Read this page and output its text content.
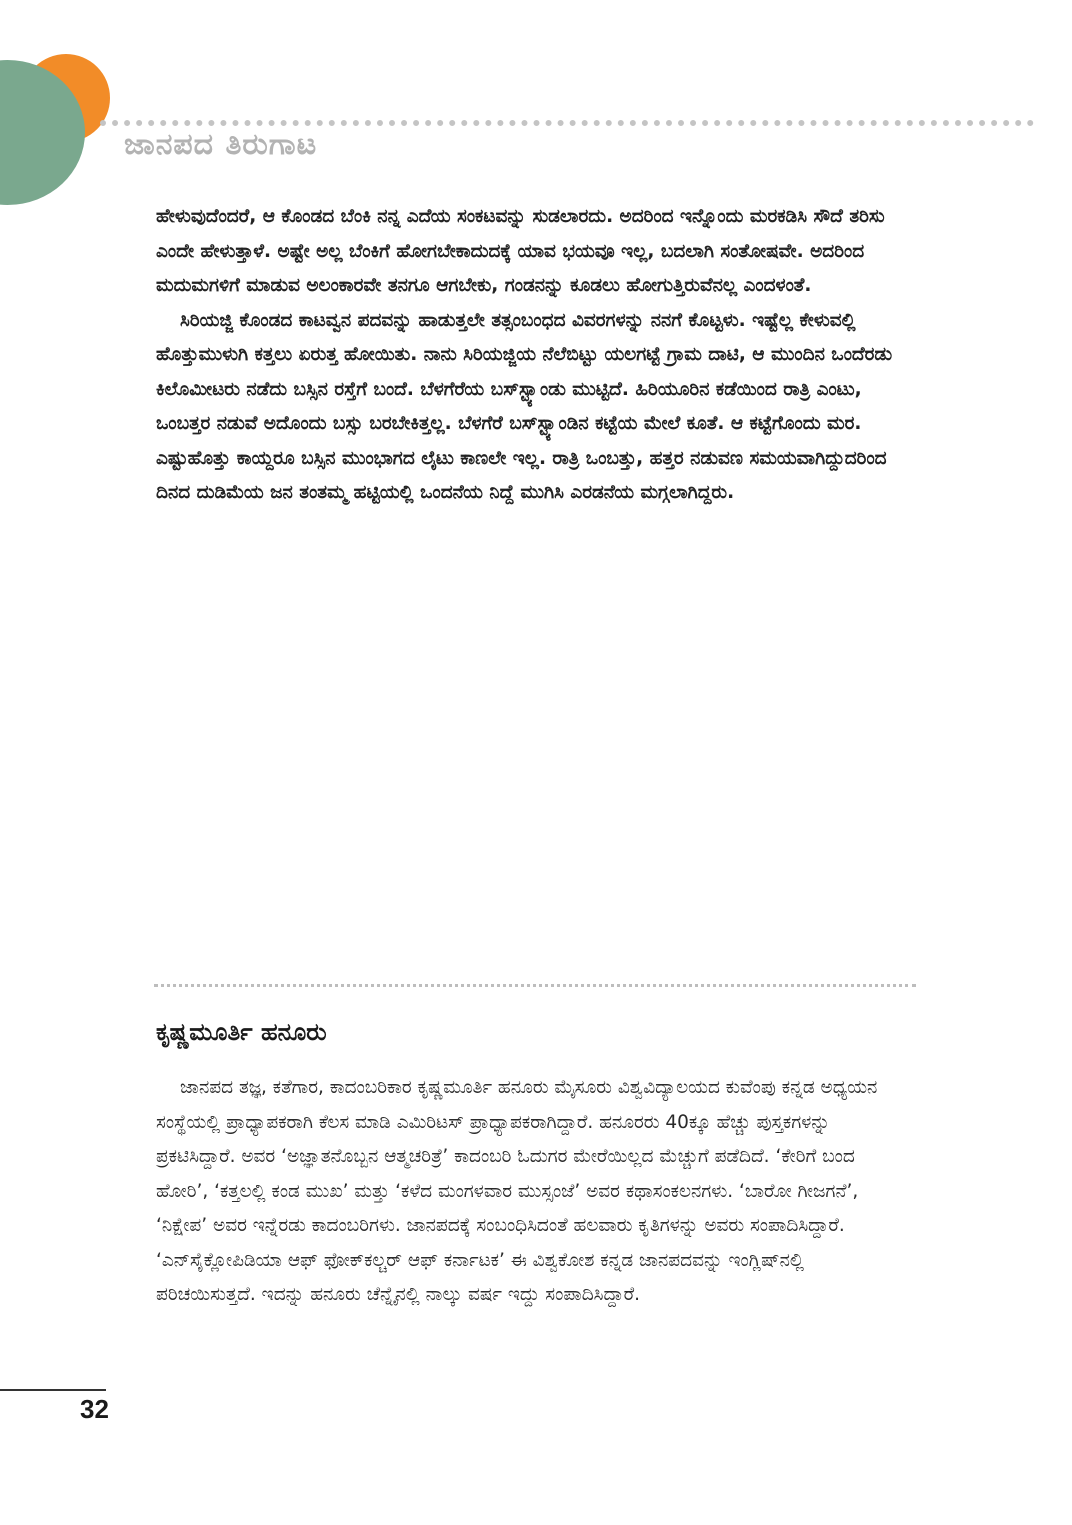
ಜಾನಪದ ತಿರುಗಾಟ

ಹೇಳುವುದೆಂದರೆ, ಆ ಕೊಂಡದ ಬೆಂಕಿ ನನ್ನ ಎದೆಯ ಸಂಕಟವನ್ನು ಸುಡಲಾರದು. ಅದರಿಂದ ಇನ್ನೊಂದು ಮರಕಡಿಸಿ ಸೌದೆ ತರಿಸು ಎಂದೇ ಹೇಳುತ್ತಾಳೆ. ಅಷ್ಟೇ ಅಲ್ಲ ಬೆಂಕಿಗೆ ಹೋಗಬೇಕಾದುದಕ್ಕೆ ಯಾವ ಭಯವೂ ಇಲ್ಲ, ಬದಲಾಗಿ ಸಂತೋಷವೇ. ಅದರಿಂದ ಮದುಮಗಳಿಗೆ ಮಾಡುವ ಅಲಂಕಾರವೇ ತನಗೂ ಆಗಬೇಕು, ಗಂಡನನ್ನು ಕೂಡಲು ಹೋಗುತ್ತಿರುವೆನಲ್ಲ ಎಂದಳಂತೆ.

ಸಿರಿಯಜ್ಜಿ ಕೊಂಡದ ಕಾಟವ್ವನ ಪದವನ್ನು ಹಾಡುತ್ತಲೇ ತತ್ಸಂಬಂಧದ ವಿವರಗಳನ್ನು ನನಗೆ ಕೊಟ್ಟಳು. ಇಷ್ಟೆಲ್ಲ ಕೇಳುವಲ್ಲಿ ಹೊತ್ತುಮುಳುಗಿ ಕತ್ತಲು ಏರುತ್ತ ಹೋಯಿತು. ನಾನು ಸಿರಿಯಜ್ಜಿಯ ನೆಲೆಬಿಟ್ಟು ಯಲಗಟ್ಟೆ ಗ್ರಾಮ ದಾಟಿ, ಆ ಮುಂದಿನ ಒಂದೆರಡು ಕಿಲೊಮೀಟರು ನಡೆದು ಬಸ್ಸಿನ ರಸ್ತೆಗೆ ಬಂದೆ. ಬೆಳಗೆರೆಯ ಬಸ್‌ಸ್ಟ್ಯಾಂಡು ಮುಟ್ಟಿದೆ. ಹಿರಿಯೂರಿನ ಕಡೆಯಿಂದ ರಾತ್ರಿ ಎಂಟು, ಒಂಬತ್ತರ ನಡುವೆ ಅದೊಂದು ಬಸ್ಸು ಬರಬೇಕಿತ್ತಲ್ಲ. ಬೆಳಗೆರೆ ಬಸ್‌ಸ್ಟ್ಯಾಂಡಿನ ಕಟ್ಟೆಯ ಮೇಲೆ ಕೂತೆ. ಆ ಕಟ್ಟೆಗೊಂದು ಮರ. ಎಷ್ಟುಹೊತ್ತು ಕಾಯ್ದರೂ ಬಸ್ಸಿನ ಮುಂಭಾಗದ ಲೈಟು ಕಾಣಲೇ ಇಲ್ಲ. ರಾತ್ರಿ ಒಂಬತ್ತು, ಹತ್ತರ ನಡುವಣ ಸಮಯವಾಗಿದ್ದುದರಿಂದ ದಿನದ ದುಡಿಮೆಯ ಜನ ತಂತಮ್ಮ ಹಟ್ಟಿಯಲ್ಲಿ ಒಂದನೆಯ ನಿದ್ದೆ ಮುಗಿಸಿ ಎರಡನೆಯ ಮಗ್ಗಲಾಗಿದ್ದರು.

ಕೃಷ್ಣಮೂರ್ತಿ ಹನೂರು

ಜಾನಪದ ತಜ್ಞ, ಕತೆಗಾರ, ಕಾದಂಬರಿಕಾರ ಕೃಷ್ಣಮೂರ್ತಿ ಹನೂರು ಮೈಸೂರು ವಿಶ್ವವಿದ್ಯಾಲಯದ ಕುವೆಂಪು ಕನ್ನಡ ಅಧ್ಯಯನ ಸಂಸ್ಥೆಯಲ್ಲಿ ಪ್ರಾಧ್ಯಾಪಕರಾಗಿ ಕೆಲಸ ಮಾಡಿ ಎಮಿರಿಟಸ್ ಪ್ರಾಧ್ಯಾಪಕರಾಗಿದ್ದಾರೆ. ಹನೂರರು 40ಕ್ಕೂ ಹೆಚ್ಚು ಪುಸ್ತಕಗಳನ್ನು ಪ್ರಕಟಿಸಿದ್ದಾರೆ. ಅವರ ‘ಅಜ್ಞಾತನೊಬ್ಬನ ಆತ್ಮಚರಿತ್ರೆ’ ಕಾದಂಬರಿ ಓದುಗರ ಮೇರೆಯಿಲ್ಲದ ಮೆಚ್ಚುಗೆ ಪಡೆದಿದೆ. ‘ಕೇರಿಗೆ ಬಂದ ಹೋರಿ’, ‘ಕತ್ತಲಲ್ಲಿ ಕಂಡ ಮುಖ’ ಮತ್ತು ‘ಕಳೆದ ಮಂಗಳವಾರ ಮುಸ್ಸಂಜೆ’ ಅವರ ಕಥಾಸಂಕಲನಗಳು. ‘ಬಾರೋ ಗೀಜಗನೆ’, ‘ನಿಕ್ಷೇಪ’ ಅವರ ಇನ್ನೆರಡು ಕಾದಂಬರಿಗಳು. ಜಾನಪದಕ್ಕೆ ಸಂಬಂಧಿಸಿದಂತೆ ಹಲವಾರು ಕೃತಿಗಳನ್ನು ಅವರು ಸಂಪಾದಿಸಿದ್ದಾರೆ. ‘ಎನ್‌ಸೈಕ್ಲೋಪಿಡಿಯಾ ಆಫ್ ಫೋಕ್‌ಕಲ್ಚರ್ ಆಫ್ ಕರ್ನಾಟಕ’ ಈ ವಿಶ್ವಕೋಶ ಕನ್ನಡ ಜಾನಪದವನ್ನು ಇಂಗ್ಲಿಷ್‌ನಲ್ಲಿ ಪರಿಚಯಿಸುತ್ತದೆ. ಇದನ್ನು ಹನೂರು ಚೆನ್ನೈನಲ್ಲಿ ನಾಲ್ಕು ವರ್ಷ ಇದ್ದು ಸಂಪಾದಿಸಿದ್ದಾರೆ.

32
